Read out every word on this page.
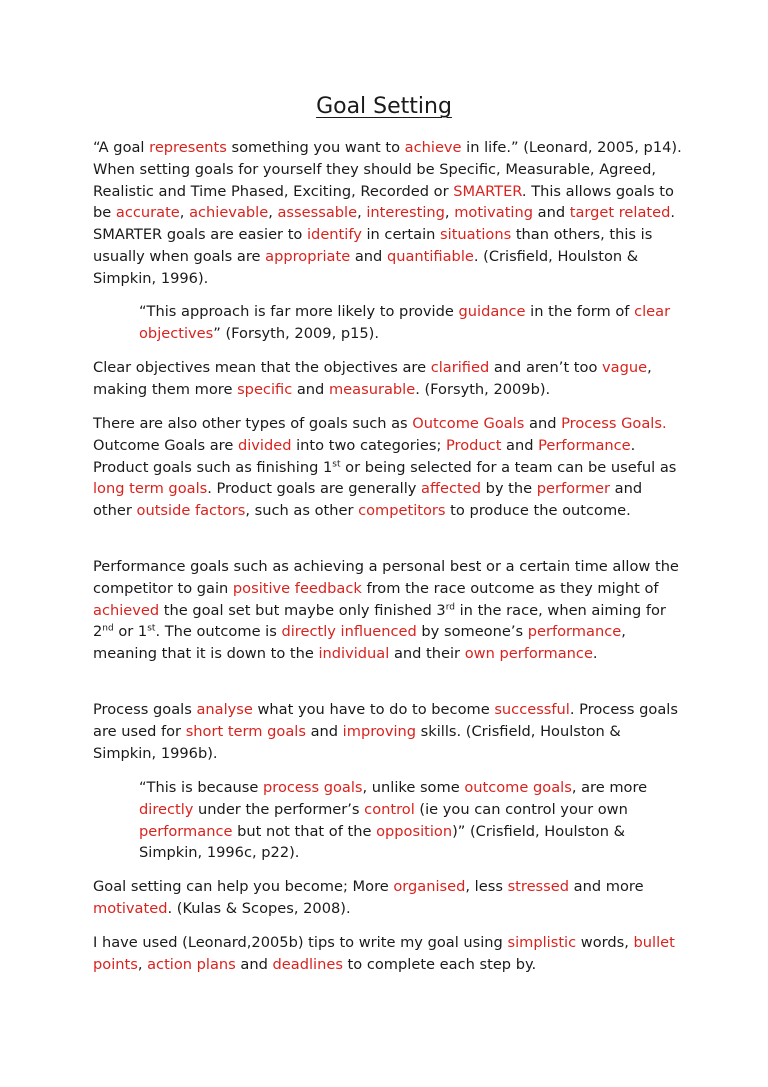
Goal Setting

“A goal represents something you want to achieve in life.” (Leonard, 2005, p14). When setting goals for yourself they should be Specific, Measurable, Agreed, Realistic and Time Phased, Exciting, Recorded or SMARTER. This allows goals to be accurate, achievable, assessable, interesting, motivating and target related. SMARTER goals are easier to identify in certain situations than others, this is usually when goals are appropriate and quantifiable. (Crisfield, Houlston & Simpkin, 1996).

“This approach is far more likely to provide guidance in the form of clear objectives” (Forsyth, 2009, p15).

Clear objectives mean that the objectives are clarified and aren’t too vague, making them more specific and measurable. (Forsyth, 2009b).

There are also other types of goals such as Outcome Goals and Process Goals. Outcome Goals are divided into two categories; Product and Performance. Product goals such as finishing 1st or being selected for a team can be useful as long term goals. Product goals are generally affected by the performer and other outside factors, such as other competitors to produce the outcome.

Performance goals such as achieving a personal best or a certain time allow the competitor to gain positive feedback from the race outcome as they might of achieved the goal set but maybe only finished 3rd in the race, when aiming for 2nd or 1st. The outcome is directly influenced by someone’s performance, meaning that it is down to the individual and their own performance.

Process goals analyse what you have to do to become successful. Process goals are used for short term goals and improving skills. (Crisfield, Houlston & Simpkin, 1996b).

“This is because process goals, unlike some outcome goals, are more directly under the performer’s control (ie you can control your own performance but not that of the opposition)” (Crisfield, Houlston & Simpkin, 1996c, p22).

Goal setting can help you become; More organised, less stressed and more motivated. (Kulas & Scopes, 2008).

I have used (Leonard,2005b) tips to write my goal using simplistic words, bullet points, action plans and deadlines to complete each step by.
